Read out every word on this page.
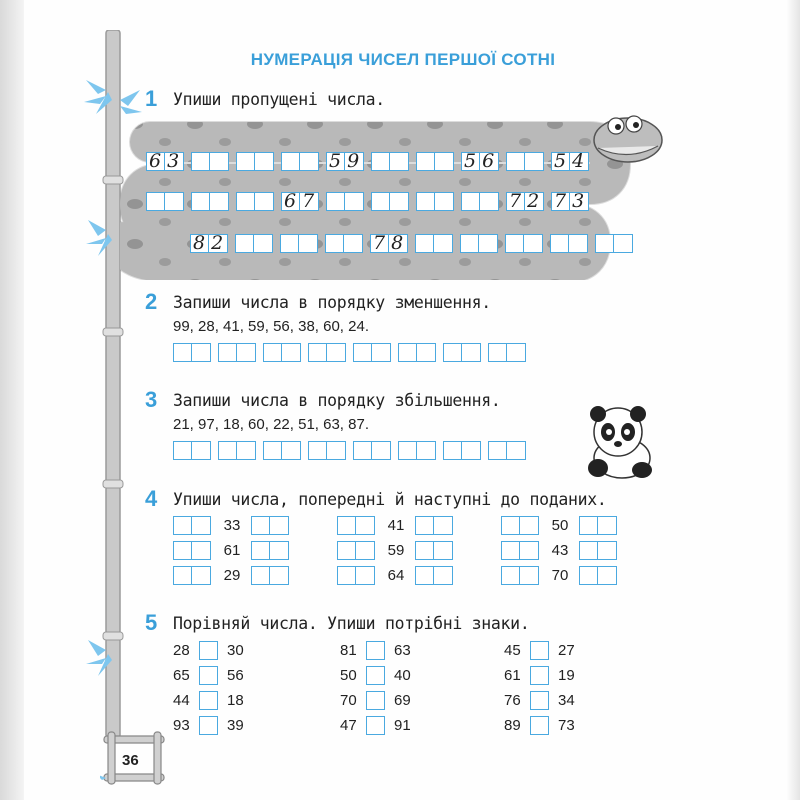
36
НУМЕРАЦІЯ ЧИСЕЛ ПЕРШОЇ СОТНІ
1 Упиши пропущені числа.
2 Запиши числа в порядку зменшення.
99, 28, 41, 59, 56, 38, 60, 24.
3 Запиши числа в порядку збільшення.
21, 97, 18, 60, 22, 51, 63, 87.
4 Упиши числа, попередні й наступні до поданих.
5 Порівняй числа. Упиши потрібні знаки.
63	59	56	54
67	72 73
82	78
33
61
29
41
59
64
50
43
70
28	30
65	56
44	18
93	39
81	63
50	40
70	69
47	91
45	27
61	19
76	34
89	73
